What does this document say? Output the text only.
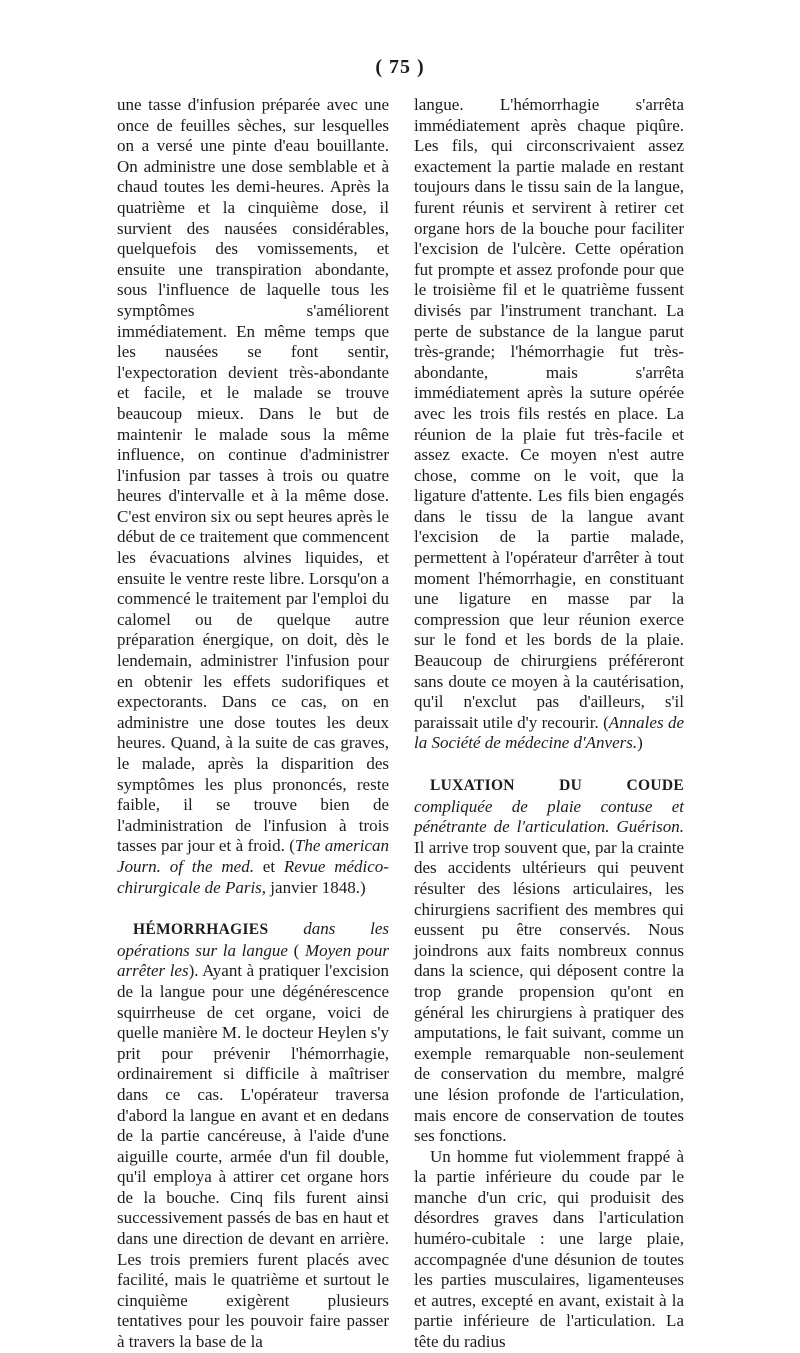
( 75 )

une tasse d'infusion préparée avec une once de feuilles sèches, sur lesquelles on a versé une pinte d'eau bouillante. On administre une dose semblable et à chaud toutes les demi-heures. Après la quatrième et la cinquième dose, il survient des nausées considérables, quelquefois des vomissements, et ensuite une transpiration abondante, sous l'influence de laquelle tous les symptômes s'améliorent immédiatement. En même temps que les nausées se font sentir, l'expectoration devient très-abondante et facile, et le malade se trouve beaucoup mieux. Dans le but de maintenir le malade sous la même influence, on continue d'administrer l'infusion par tasses à trois ou quatre heures d'intervalle et à la même dose. C'est environ six ou sept heures après le début de ce traitement que commencent les évacuations alvines liquides, et ensuite le ventre reste libre. Lorsqu'on a commencé le traitement par l'emploi du calomel ou de quelque autre préparation énergique, on doit, dès le lendemain, administrer l'infusion pour en obtenir les effets sudorifiques et expectorants. Dans ce cas, on en administre une dose toutes les deux heures. Quand, à la suite de cas graves, le malade, après la disparition des symptômes les plus prononcés, reste faible, il se trouve bien de l'administration de l'infusion à trois tasses par jour et à froid. (The american Journ. of the med. et Revue médico-chirurgicale de Paris, janvier 1848.)

HÉMORRHAGIES dans les opérations sur la langue ( Moyen pour arrêter les). Ayant à pratiquer l'excision de la langue pour une dégénérescence squirrheuse de cet organe, voici de quelle manière M. le docteur Heylen s'y prit pour prévenir l'hémorrhagie, ordinairement si difficile à maîtriser dans ce cas. L'opérateur traversa d'abord la langue en avant et en dedans de la partie cancéreuse, à l'aide d'une aiguille courte, armée d'un fil double, qu'il employa à attirer cet organe hors de la bouche. Cinq fils furent ainsi successivement passés de bas en haut et dans une direction de devant en arrière. Les trois premiers furent placés avec facilité, mais le quatrième et surtout le cinquième exigèrent plusieurs tentatives pour les pouvoir faire passer à travers la base de la

langue. L'hémorrhagie s'arrêta immédiatement après chaque piqûre. Les fils, qui circonscrivaient assez exactement la partie malade en restant toujours dans le tissu sain de la langue, furent réunis et servirent à retirer cet organe hors de la bouche pour faciliter l'excision de l'ulcère. Cette opération fut prompte et assez profonde pour que le troisième fil et le quatrième fussent divisés par l'instrument tranchant. La perte de substance de la langue parut très-grande; l'hémorrhagie fut très-abondante, mais s'arrêta immédiatement après la suture opérée avec les trois fils restés en place. La réunion de la plaie fut très-facile et assez exacte. Ce moyen n'est autre chose, comme on le voit, que la ligature d'attente. Les fils bien engagés dans le tissu de la langue avant l'excision de la partie malade, permettent à l'opérateur d'arrêter à tout moment l'hémorrhagie, en constituant une ligature en masse par la compression que leur réunion exerce sur le fond et les bords de la plaie. Beaucoup de chirurgiens préféreront sans doute ce moyen à la cautérisation, qu'il n'exclut pas d'ailleurs, s'il paraissait utile d'y recourir. (Annales de la Société de médecine d'Anvers.)

LUXATION DU COUDE compliquée de plaie contuse et pénétrante de l'articulation. Guérison. Il arrive trop souvent que, par la crainte des accidents ultérieurs qui peuvent résulter des lésions articulaires, les chirurgiens sacrifient des membres qui eussent pu être conservés. Nous joindrons aux faits nombreux connus dans la science, qui déposent contre la trop grande propension qu'ont en général les chirurgiens à pratiquer des amputations, le fait suivant, comme un exemple remarquable non-seulement de conservation du membre, malgré une lésion profonde de l'articulation, mais encore de conservation de toutes ses fonctions.

Un homme fut violemment frappé à la partie inférieure du coude par le manche d'un cric, qui produisit des désordres graves dans l'articulation huméro-cubitale : une large plaie, accompagnée d'une désunion de toutes les parties musculaires, ligamenteuses et autres, excepté en avant, existait à la partie inférieure de l'articulation. La tête du radius
